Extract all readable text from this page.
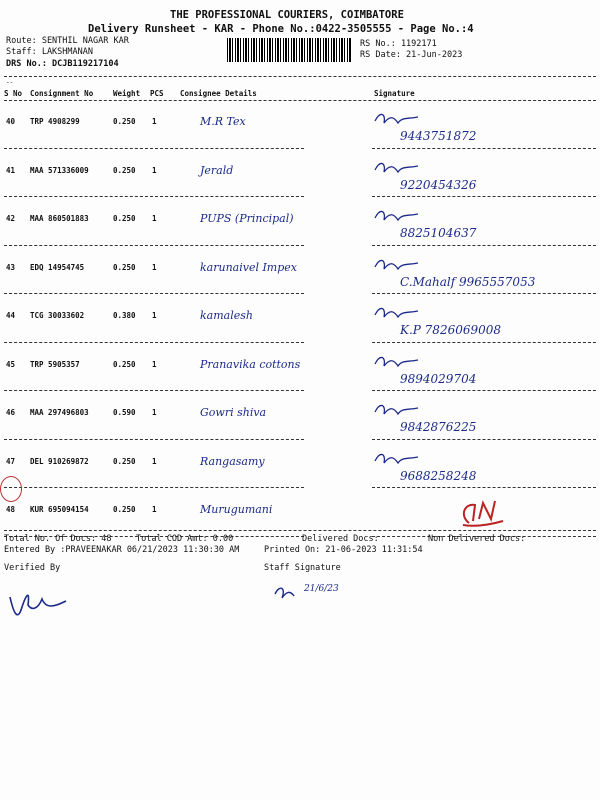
THE PROFESSIONAL COURIERS, COIMBATORE
Delivery Runsheet - KAR - Phone No.:0422-3505555 - Page No.:4
Route: SENTHIL NAGAR KAR
Staff: LAKSHMANAN
DRS No.: DCJB119217104
RS No.: 1192171
RS Date: 21-Jun-2023
--
S No Consignment No	Weight PCS Consignee Details	Signature
40 TRP 4908299	0.250 1	M.R Tex
9443751872
41 MAA 571336009	0.250 1	Jerald
9220454326
42 MAA 860501883	0.250 1	PUPS (Principal)
8825104637
43 EDQ 14954745	0.250 1	karunaivel Impex
C.Mahalf 9965557053
44 TCG 30033602	0.380 1	kamalesh
K.P 7826069008
45 TRP 5905357	0.250 1	Pranavika cottons
9894029704
46 MAA 297496803	0.590 1	Gowri shiva
9842876225
47 DEL 910269872	0.250 1	Rangasamy
9688258248
48 KUR 695094154	0.250 1	Murugumani
Total No. Of Docs: 48	Total COD Amt: 0.00	Delivered Docs:	Non Delivered Docs:
Entered By :PRAVEENAKAR 06/21/2023 11:30:30 AM	Printed On: 21-06-2023 11:31:54
Verified By	Staff Signature
21/6/23
